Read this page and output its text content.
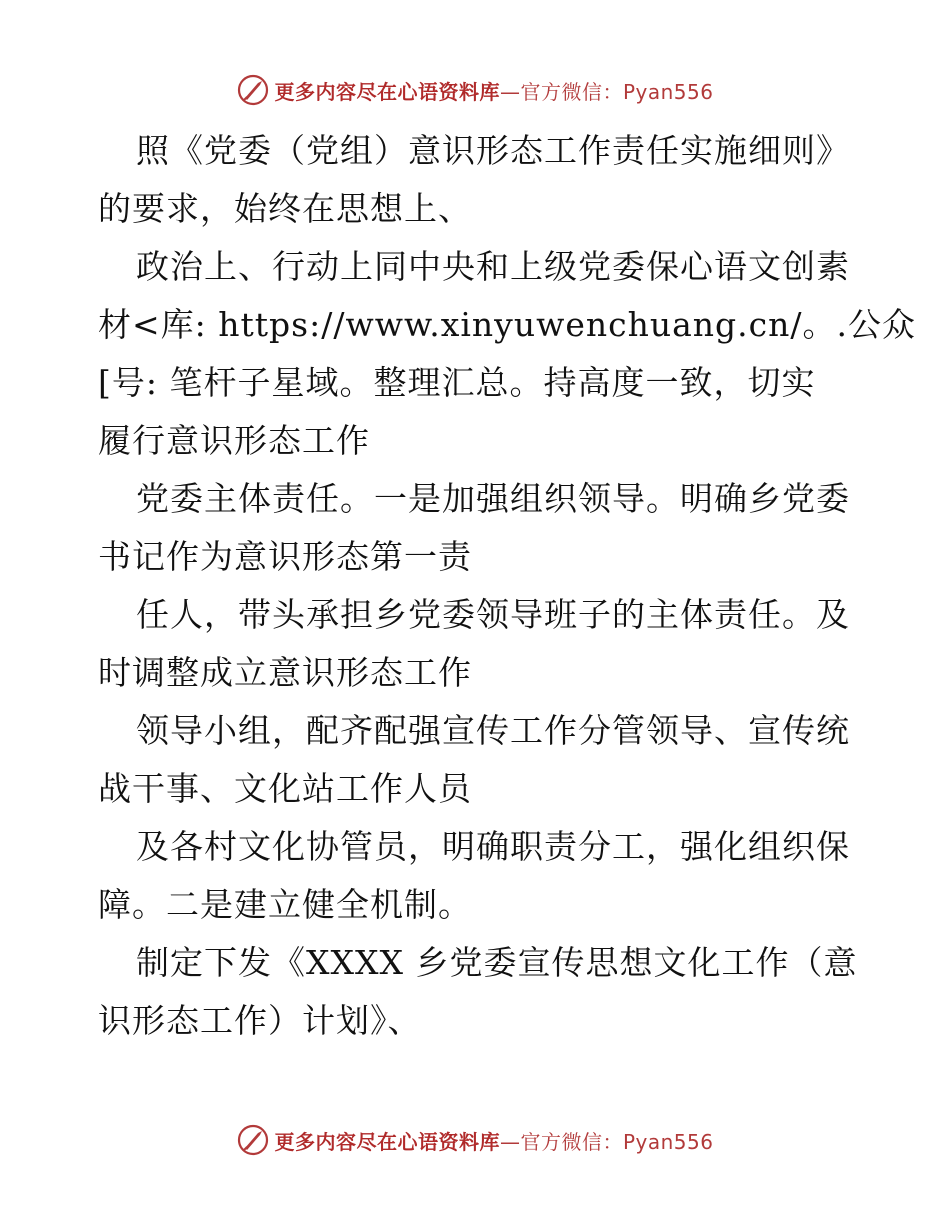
更多内容尽在心语资料库—官方微信：Pyan556
照《党委（党组）意识形态工作责任实施细则》
的要求，始终在思想上、
政治上、行动上同中央和上级党委保心语文创素
材<库: https://www.xinyuwenchuang.cn/。.公众
[号: 笔杆子星域。整理汇总。持高度一致，切实
履行意识形态工作
党委主体责任。一是加强组织领导。明确乡党委
书记作为意识形态第一责
任人，带头承担乡党委领导班子的主体责任。及
时调整成立意识形态工作
领导小组，配齐配强宣传工作分管领导、宣传统
战干事、文化站工作人员
及各村文化协管员，明确职责分工，强化组织保
障。二是建立健全机制。
制定下发《XXXX 乡党委宣传思想文化工作（意
识形态工作）计划》、
更多内容尽在心语资料库—官方微信：Pyan556
